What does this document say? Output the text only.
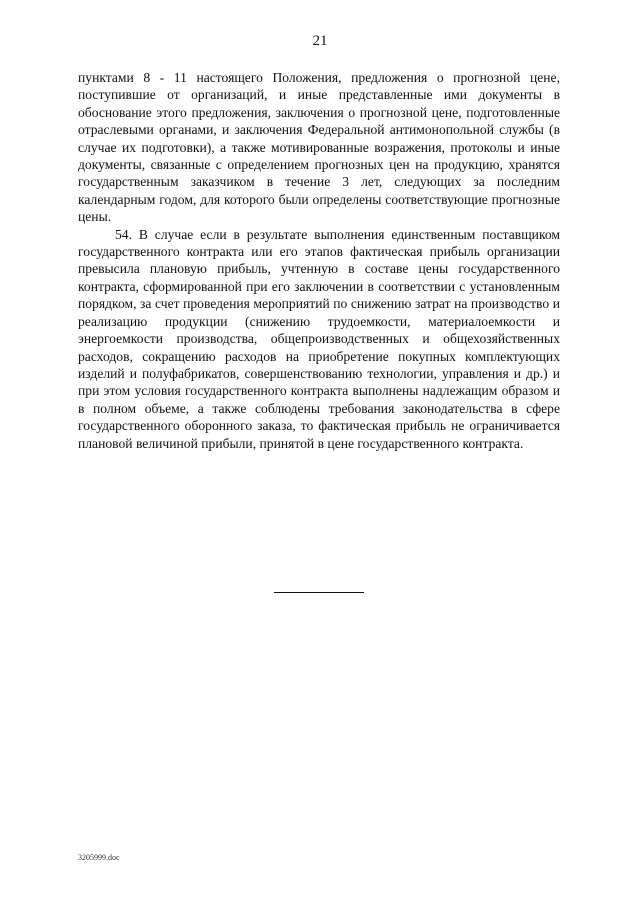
21

пунктами 8 - 11 настоящего Положения, предложения о прогнозной цене, поступившие от организаций, и иные представленные ими документы в обоснование этого предложения, заключения о прогнозной цене, подготовленные отраслевыми органами, и заключения Федеральной антимонопольной службы (в случае их подготовки), а также мотивированные возражения, протоколы и иные документы, связанные с определением прогнозных цен на продукцию, хранятся государственным заказчиком в течение 3 лет, следующих за последним календарным годом, для которого были определены соответствующие прогнозные цены.

54. В случае если в результате выполнения единственным поставщиком государственного контракта или его этапов фактическая прибыль организации превысила плановую прибыль, учтенную в составе цены государственного контракта, сформированной при его заключении в соответствии с установленным порядком, за счет проведения мероприятий по снижению затрат на производство и реализацию продукции (снижению трудоемкости, материалоемкости и энергоемкости производства, общепроизводственных и общехозяйственных расходов, сокращению расходов на приобретение покупных комплектующих изделий и полуфабрикатов, совершенствованию технологии, управления и др.) и при этом условия государственного контракта выполнены надлежащим образом и в полном объеме, а также соблюдены требования законодательства в сфере государственного оборонного заказа, то фактическая прибыль не ограничивается плановой величиной прибыли, принятой в цене государственного контракта.

3205999.doc
